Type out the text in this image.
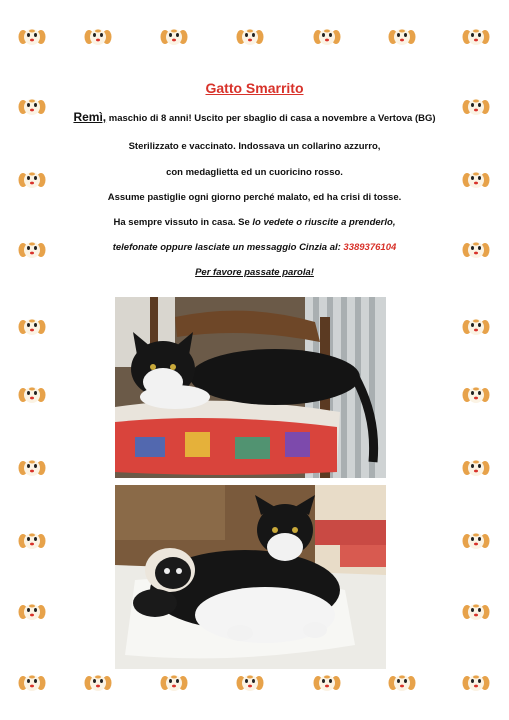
Gatto Smarrito
Remì, maschio di 8 anni! Uscito per sbaglio di casa a novembre a Vertova (BG)
Sterilizzato e vaccinato. Indossava un collarino azzurro,
con medaglietta ed un cuoricino rosso.
Assume pastiglie ogni giorno perché malato, ed ha crisi di tosse.
Ha sempre vissuto in casa. Se lo vedete o riuscite a prenderlo,
telefonate oppure lasciate un messaggio Cinzia al: 3389376104
Per favore passate parola!
